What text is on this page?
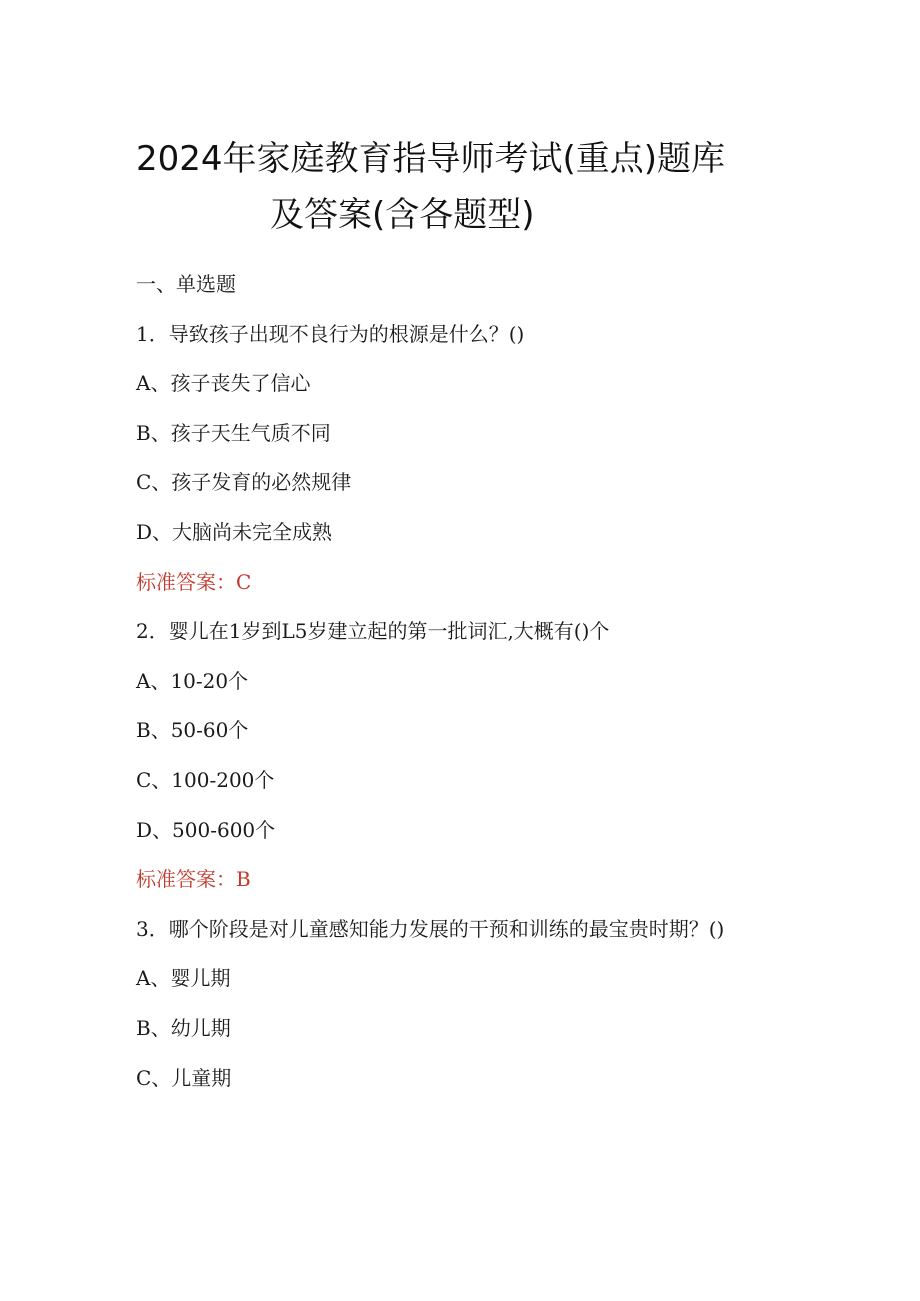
2024年家庭教育指导师考试(重点)题库
及答案(含各题型)
一、单选题
1．导致孩子出现不良行为的根源是什么？()
A、孩子丧失了信心
B、孩子天生气质不同
C、孩子发育的必然规律
D、大脑尚未完全成熟
标准答案：C
2．婴儿在1岁到L5岁建立起的第一批词汇,大概有()个
A、10-20个
B、50-60个
C、100-200个
D、500-600个
标准答案：B
3．哪个阶段是对儿童感知能力发展的干预和训练的最宝贵时期？()
A、婴儿期
B、幼儿期
C、儿童期
